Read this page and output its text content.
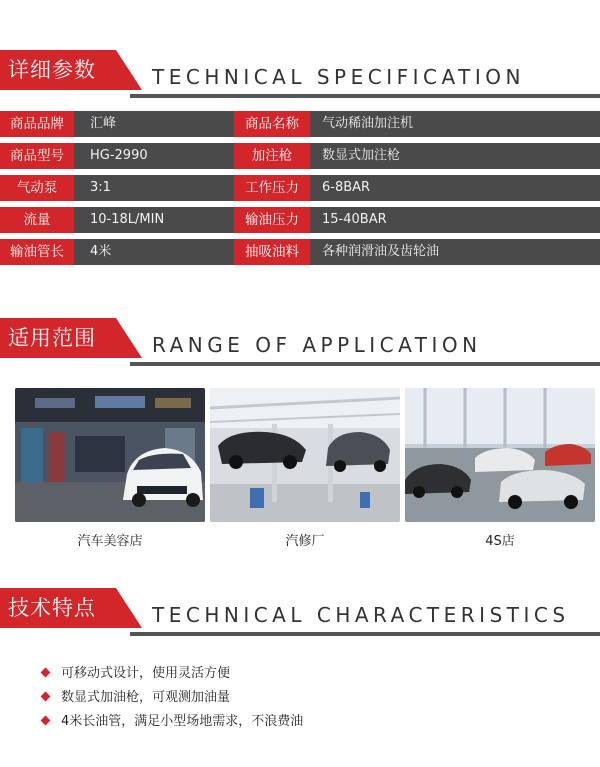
详细参数	TECHNICAL SPECIFICATION
商品品牌	汇峰	商品名称	气动稀油加注机
商品型号	HG-2990	加注枪	数显式加注枪
气动泵	3:1	工作压力	6-8BAR
流量	10-18L/MIN	输油压力	15-40BAR
输油管长	4米	抽吸油料	各种润滑油及齿轮油
适用范围	RANGE OF APPLICATION
汽车美容店	汽修厂	4S店
技术特点	TECHNICAL CHARACTERISTICS
可移动式设计，使用灵活方便
数显式加油枪，可观测加油量
4米长油管，满足小型场地需求，不浪费油
